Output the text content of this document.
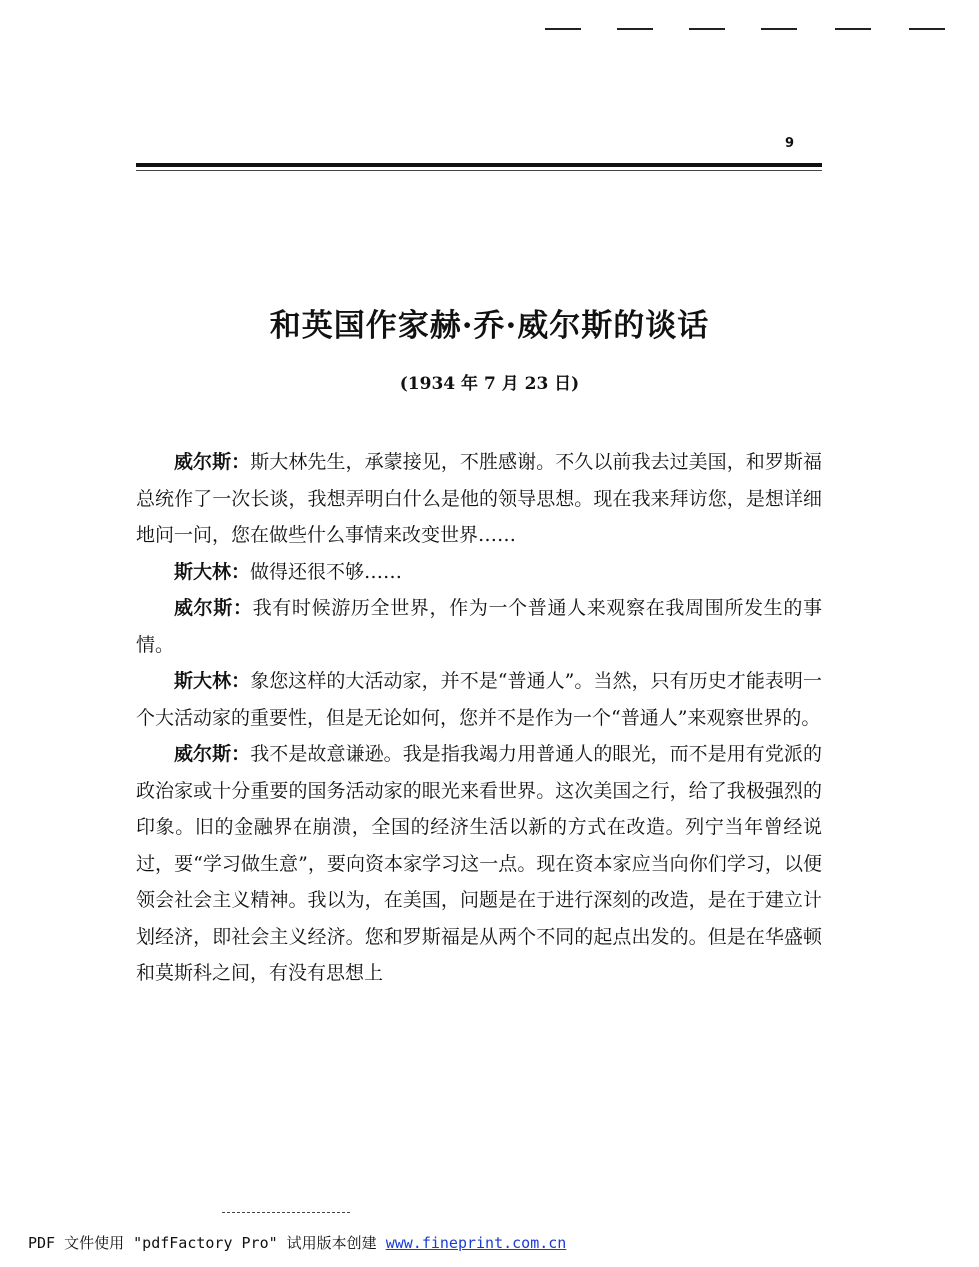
9
和英国作家赫·乔·威尔斯的谈话
(1934 年 7 月 23 日)

威尔斯：斯大林先生，承蒙接见，不胜感谢。不久以前我去过美国，和罗斯福总统作了一次长谈，我想弄明白什么是他的领导思想。现在我来拜访您，是想详细地问一问，您在做些什么事情来改变世界……

斯大林：做得还很不够……

威尔斯：我有时候游历全世界，作为一个普通人来观察在我周围所发生的事情。

斯大林：象您这样的大活动家，并不是“普通人”。当然，只有历史才能表明一个大活动家的重要性，但是无论如何，您并不是作为一个“普通人”来观察世界的。

威尔斯：我不是故意谦逊。我是指我竭力用普通人的眼光，而不是用有党派的政治家或十分重要的国务活动家的眼光来看世界。这次美国之行，给了我极强烈的印象。旧的金融界在崩溃，全国的经济生活以新的方式在改造。列宁当年曾经说过，要“学习做生意”，要向资本家学习这一点。现在资本家应当向你们学习，以便领会社会主义精神。我以为，在美国，问题是在于进行深刻的改造，是在于建立计划经济，即社会主义经济。您和罗斯福是从两个不同的起点出发的。但是在华盛顿和莫斯科之间，有没有思想上

PDF 文件使用 "pdfFactory Pro" 试用版本创建 www.fineprint.com.cn
